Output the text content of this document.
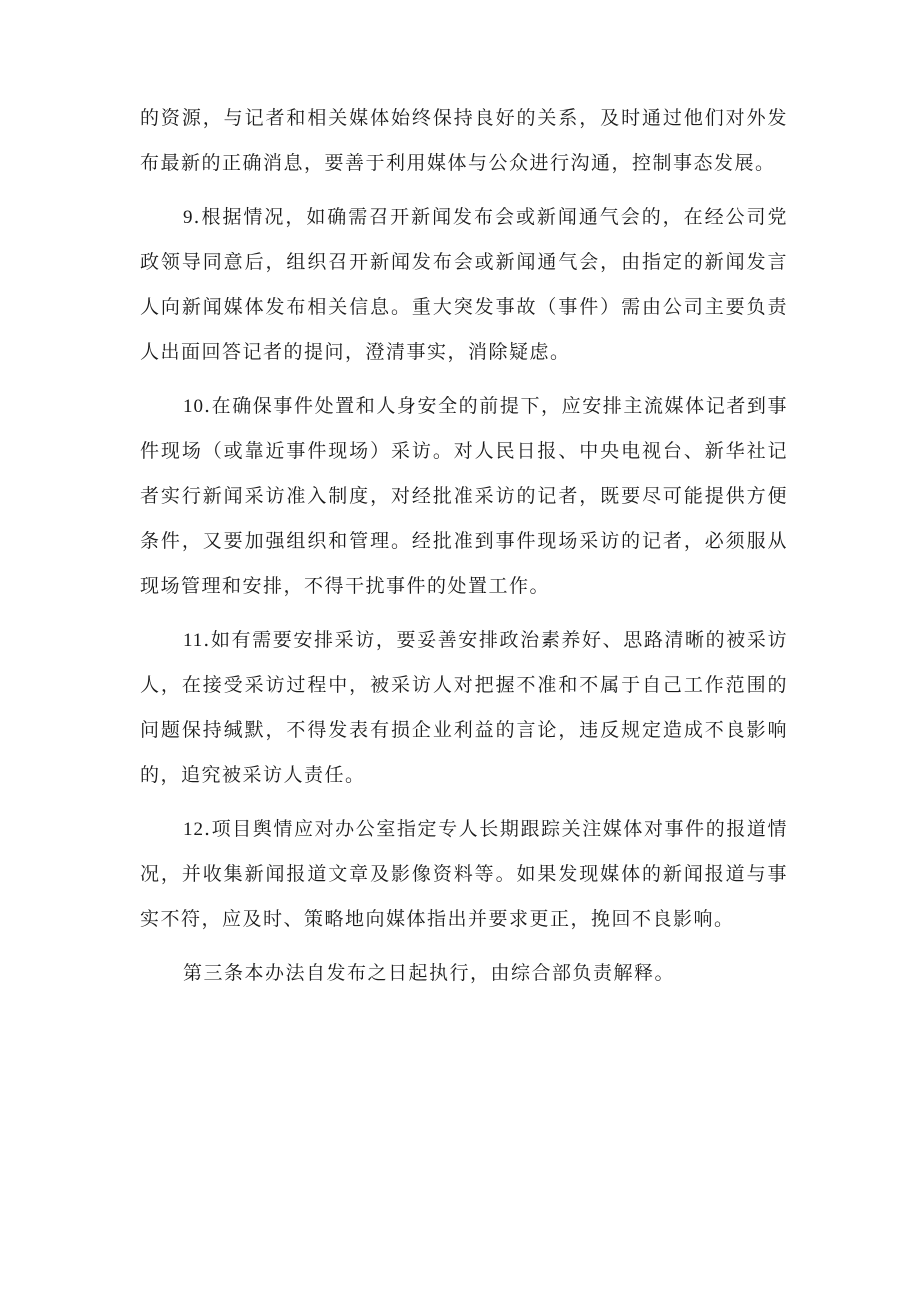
的资源，与记者和相关媒体始终保持良好的关系，及时通过他们对外发布最新的正确消息，要善于利用媒体与公众进行沟通，控制事态发展。

9.根据情况，如确需召开新闻发布会或新闻通气会的，在经公司党政领导同意后，组织召开新闻发布会或新闻通气会，由指定的新闻发言人向新闻媒体发布相关信息。重大突发事故（事件）需由公司主要负责人出面回答记者的提问，澄清事实，消除疑虑。

10.在确保事件处置和人身安全的前提下，应安排主流媒体记者到事件现场（或靠近事件现场）采访。对人民日报、中央电视台、新华社记者实行新闻采访准入制度，对经批准采访的记者，既要尽可能提供方便条件，又要加强组织和管理。经批准到事件现场采访的记者，必须服从现场管理和安排，不得干扰事件的处置工作。

11.如有需要安排采访，要妥善安排政治素养好、思路清晰的被采访人，在接受采访过程中，被采访人对把握不准和不属于自己工作范围的问题保持缄默，不得发表有损企业利益的言论，违反规定造成不良影响的，追究被采访人责任。

12.项目舆情应对办公室指定专人长期跟踪关注媒体对事件的报道情况，并收集新闻报道文章及影像资料等。如果发现媒体的新闻报道与事实不符，应及时、策略地向媒体指出并要求更正，挽回不良影响。

第三条本办法自发布之日起执行，由综合部负责解释。
